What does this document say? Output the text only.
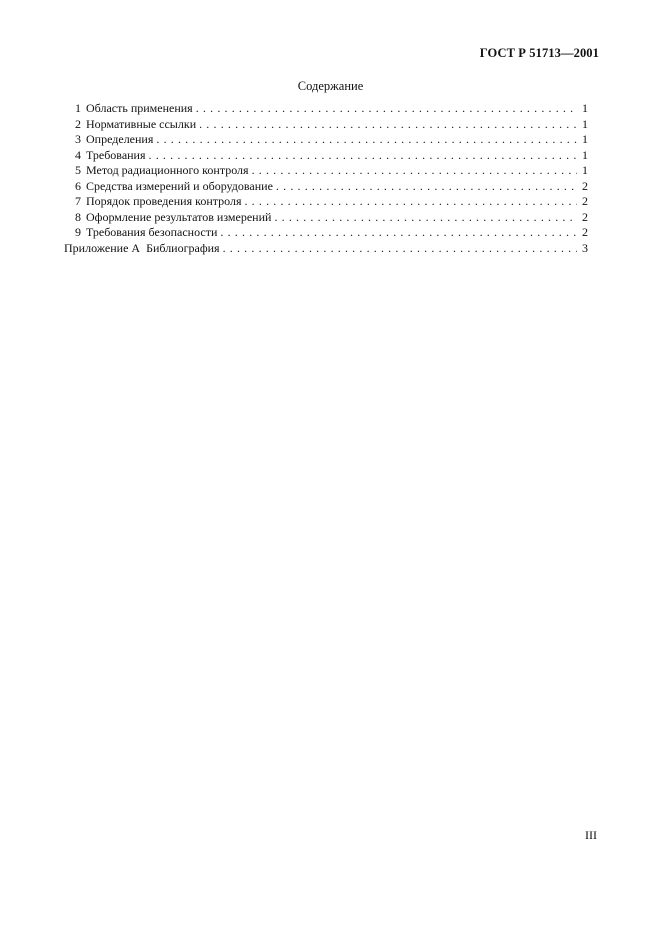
ГОСТ Р 51713—2001
Содержание
1 Область применения . . .	1
2 Нормативные ссылки . . .	1
3 Определения . . .	1
4 Требования . . .	1
5 Метод радиационного контроля . . .	1
6 Средства измерений и оборудование . . .	2
7 Порядок проведения контроля . . .	2
8 Оформление результатов измерений . . .	2
9 Требования безопасности . . .	2
Приложение А  Библиография . . .	3
III
